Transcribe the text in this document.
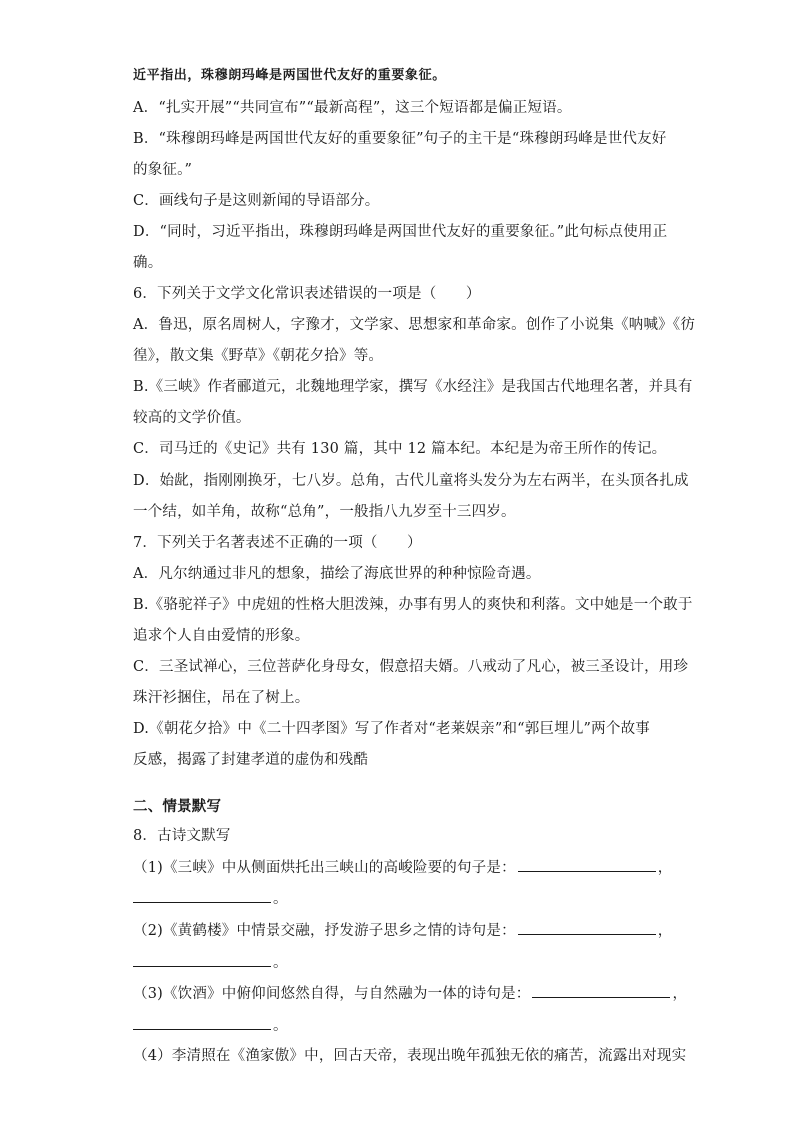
近平指出，珠穆朗玛峰是两国世代友好的重要象征。
A．“扎实开展”“共同宣布”“最新高程”，这三个短语都是偏正短语。
B．“珠穆朗玛峰是两国世代友好的重要象征”句子的主干是“珠穆朗玛峰是世代友好
的象征。”
C．画线句子是这则新闻的导语部分。
D．“同时，习近平指出，珠穆朗玛峰是两国世代友好的重要象征。”此句标点使用正
确。
6．下列关于文学文化常识表述错误的一项是（　　）
A．鲁迅，原名周树人，字豫才，文学家、思想家和革命家。创作了小说集《呐喊》《彷
徨》，散文集《野草》《朝花夕拾》等。
B.《三峡》作者郦道元，北魏地理学家，撰写《水经注》是我国古代地理名著，并具有
较高的文学价值。
C．司马迁的《史记》共有 130 篇，其中 12 篇本纪。本纪是为帝王所作的传记。
D．始龀，指刚刚换牙，七八岁。总角，古代儿童将头发分为左右两半，在头顶各扎成
一个结，如羊角，故称“总角”，一般指八九岁至十三四岁。
7．下列关于名著表述不正确的一项（　　）
A．凡尔纳通过非凡的想象，描绘了海底世界的种种惊险奇遇。
B.《骆驼祥子》中虎妞的性格大胆泼辣，办事有男人的爽快和利落。文中她是一个敢于
追求个人自由爱情的形象。
C．三圣试禅心，三位菩萨化身母女，假意招夫婿。八戒动了凡心，被三圣设计，用珍
珠汗衫捆住，吊在了树上。
D.《朝花夕拾》中《二十四孝图》写了作者对“老莱娱亲”和“郭巨埋儿”两个故事
反感，揭露了封建孝道的虚伪和残酷
二、情景默写
8．古诗文默写
（1)《三峡》中从侧面烘托出三峡山的高峻险要的句子是：	，
。
（2)《黄鹤楼》中情景交融，抒发游子思乡之情的诗句是：	，
。
（3)《饮酒》中俯仰间悠然自得，与自然融为一体的诗句是：	，
。
（4）李清照在《渔家傲》中，回古天帝，表现出晚年孤独无依的痛苦，流露出对现实
